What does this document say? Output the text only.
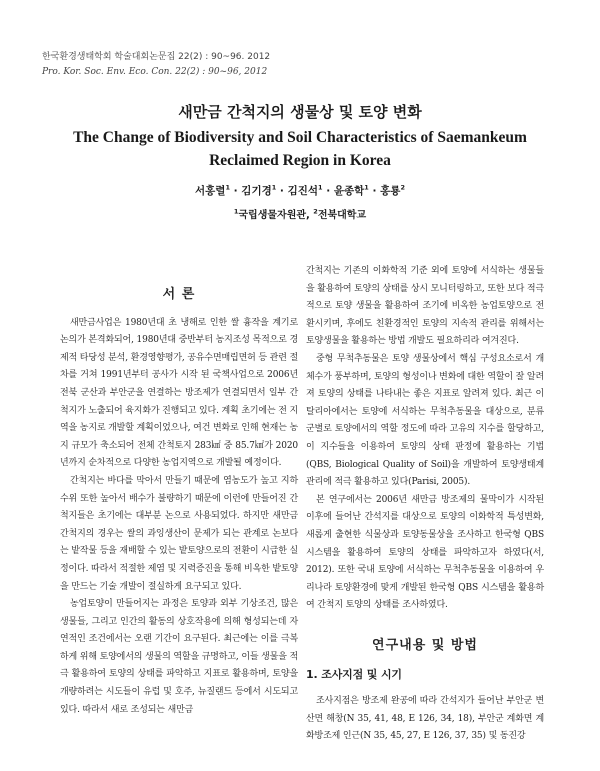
한국환경생태학회 학술대회논문집 22(2) : 90~96. 2012
Pro. Kor. Soc. Env. Eco. Con. 22(2) : 90~96, 2012
새만금 간척지의 생물상 및 토양 변화
The Change of Biodiversity and Soil Characteristics of Saemankeum Reclaimed Region in Korea
서홍렬$^1$ · 김기경$^1$ · 김진석$^1$ · 윤종학$^1$ · 홍룡$^2$
$^1$국립생물자원관, $^2$전북대학교
서 론

새만금사업은 1980년대 초 냉해로 인한 쌀 흉작을 계기로 논의가 본격화되어, 1980년대 중반부터 농지조성 목적으로 경제적 타당성 분석, 환경영향평가, 공유수면매립면허 등 관련 절차를 거쳐 1991년부터 공사가 시작 된 국책사업으로 2006년 전북 군산과 부안군을 연결하는 방조제가 연결되면서 일부 간척지가 노출되어 육지화가 진행되고 있다. 계획 초기에는 전 지역을 농지로 개발할 계획이었으나, 여건 변화로 인해 현재는 농지 규모가 축소되어 전체 간척토지 283㎢ 중 85.7㎢가 2020년까지 순차적으로 다양한 농업지역으로 개발될 예정이다.

간척지는 바다를 막아서 만들기 때문에 염농도가 높고 지하수위 또한 높아서 배수가 불량하기 때문에 이런에 만들어진 간척지들은 초기에는 대부분 논으로 사용되었다. 하지만 새만금 간척지의 경우는 쌀의 과잉생산이 문제가 되는 관계로 논보다는 밭작물 등을 재배할 수 있는 밭토양으로의 전환이 시급한 실정이다. 따라서 적절한 제염 및 지력증진을 통해 비옥한 밭토양을 만드는 기술 개발이 절실하게 요구되고 있다.

농업토양이 만들어지는 과정은 토양과 외부 기상조건, 많은 생물들, 그리고 인간의 활동의 상호작용에 의해 형성되는데 자연적인 조건에서는 오랜 기간이 요구된다. 최근에는 이를 극복하게 위해 토양에서의 생물의 역할을 규명하고, 이들 생물을 적극 활용하여 토양의 상태를 파악하고 지표로 활용하며, 토양을 개량하려는 시도들이 유럽 및 호주, 뉴질랜드 등에서 시도되고 있다. 따라서 새로 조성되는 새만금

간척지는 기존의 이화학적 기준 외에 토양에 서식하는 생물들을 활용하여 토양의 상태를 상시 모니터링하고, 또한 보다 적극적으로 토양 생물을 활용하여 조기에 비옥한 농업토양으로 전환시키며, 후에도 친환경적인 토양의 지속적 관리를 위해서는 토양생물을 활용하는 방법 개발도 필요하리라 여겨진다.

중형 무척추동물은 토양 생물상에서 핵심 구성요소로서 개체수가 풍부하며, 토양의 형성이나 변화에 대한 역할이 잘 알려져 토양의 상태를 나타내는 좋은 지표로 알려져 있다. 최근 이탈리아에서는 토양에 서식하는 무척추동물을 대상으로, 분류군별로 토양에서의 역할 정도에 따라 고유의 지수를 할당하고, 이 지수들을 이용하여 토양의 상태 판정에 활용하는 기법(QBS, Biological Quality of Soil)을 개발하여 토양생태계 관리에 적극 활용하고 있다(Parisi, 2005).

본 연구에서는 2006년 새만금 방조제의 물막이가 시작된 이후에 들어난 간석지를 대상으로 토양의 이화학적 특성변화, 새롭게 출현한 식물상과 토양동물상을 조사하고 한국형 QBS시스템을 활용하여 토양의 상태를 파악하고자 하였다(서, 2012). 또한 국내 토양에 서식하는 무척추동물을 이용하여 우리나라 토양환경에 맞게 개발된 한국형 QBS 시스템을 활용하여 간척지 토양의 상태를 조사하였다.

연구내용 및 방법
1. 조사지점 및 시기

조사지점은 방조제 완공에 따라 간석지가 들어난 부안군 변산면 해창(N 35, 41, 48, E 126, 34, 18), 부안군 계화면 계화방조제 인근(N 35, 45, 27, E 126, 37, 35) 및 동진강
